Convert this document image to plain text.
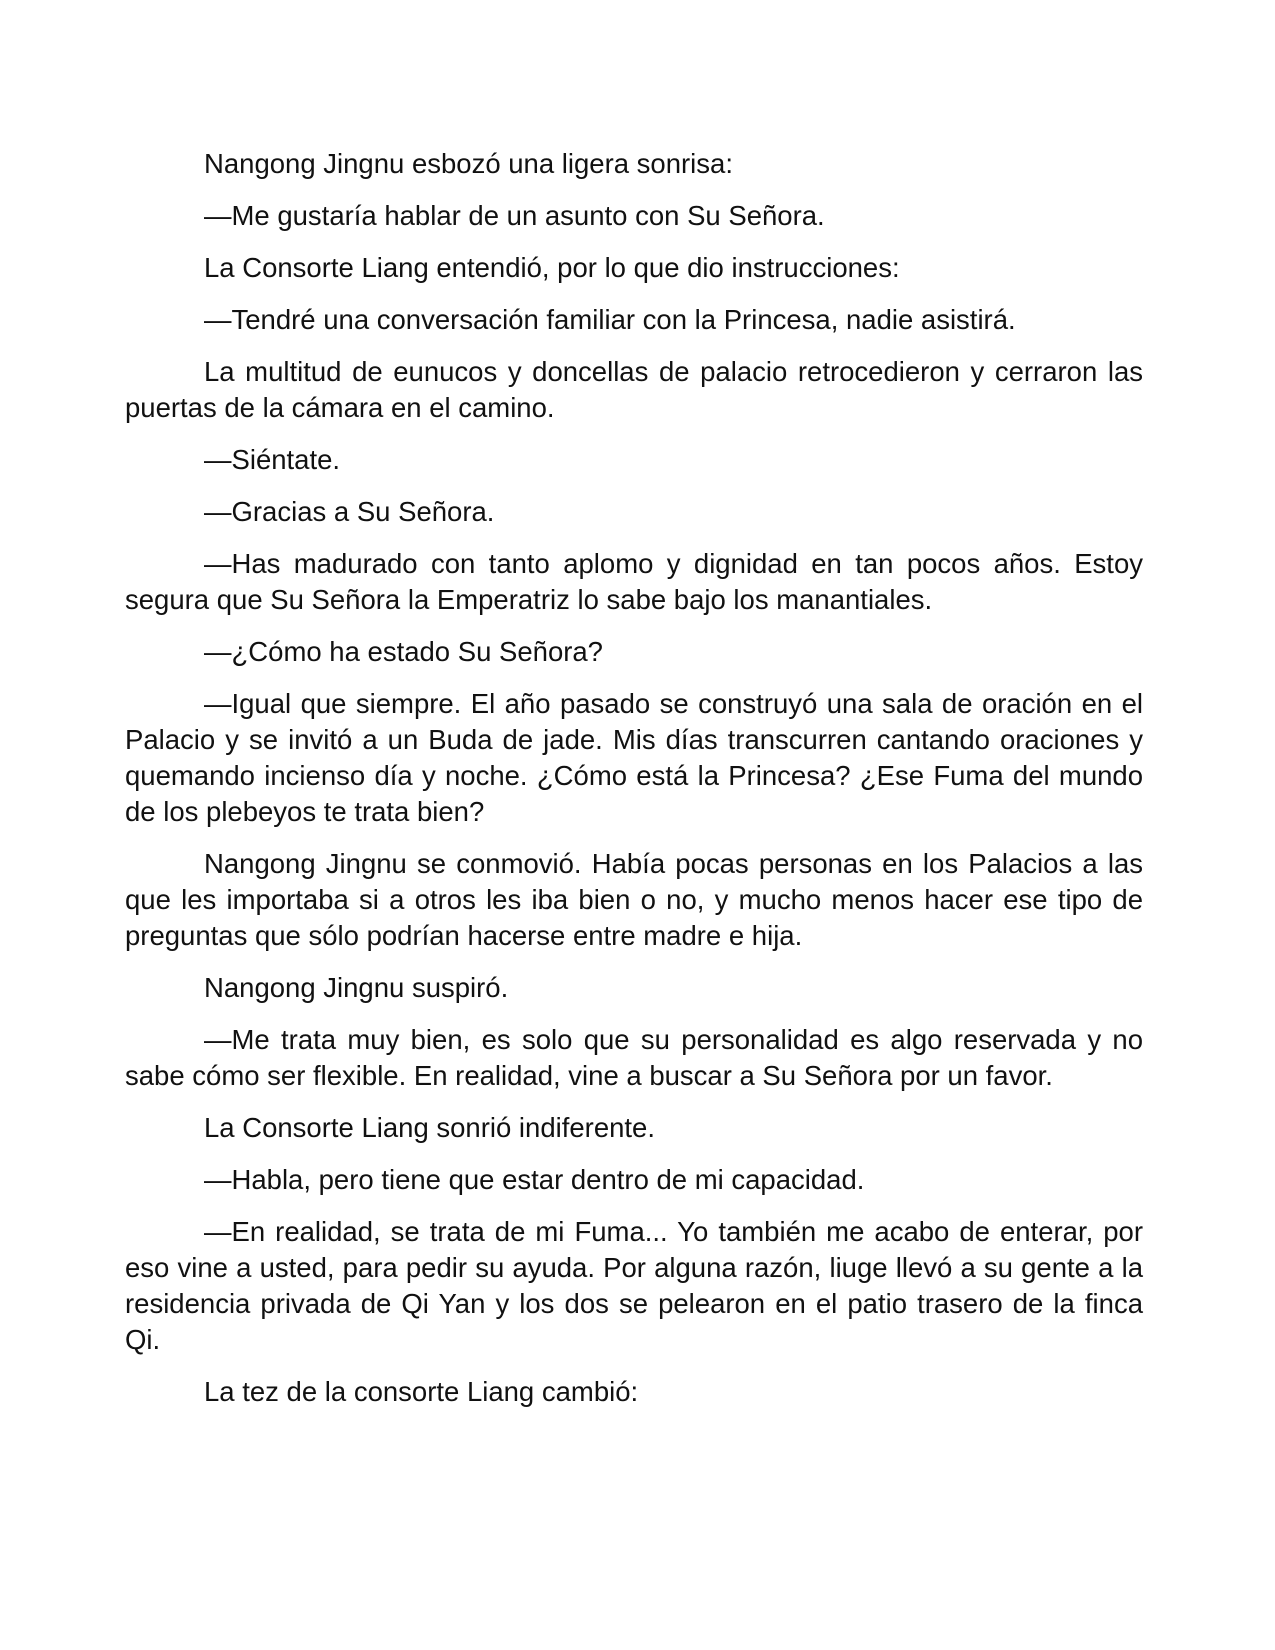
Nangong Jingnu esbozó una ligera sonrisa:

—Me gustaría hablar de un asunto con Su Señora.

La Consorte Liang entendió, por lo que dio instrucciones:

—Tendré una conversación familiar con la Princesa, nadie asistirá.

La multitud de eunucos y doncellas de palacio retrocedieron y cerraron las puertas de la cámara en el camino.

—Siéntate.

—Gracias a Su Señora.

—Has madurado con tanto aplomo y dignidad en tan pocos años. Estoy segura que Su Señora la Emperatriz lo sabe bajo los manantiales.

—¿Cómo ha estado Su Señora?

—Igual que siempre. El año pasado se construyó una sala de oración en el Palacio y se invitó a un Buda de jade. Mis días transcurren cantando oraciones y quemando incienso día y noche. ¿Cómo está la Princesa? ¿Ese Fuma del mundo de los plebeyos te trata bien?

Nangong Jingnu se conmovió. Había pocas personas en los Palacios a las que les importaba si a otros les iba bien o no, y mucho menos hacer ese tipo de preguntas que sólo podrían hacerse entre madre e hija.

Nangong Jingnu suspiró.

—Me trata muy bien, es solo que su personalidad es algo reservada y no sabe cómo ser flexible. En realidad, vine a buscar a Su Señora por un favor.

La Consorte Liang sonrió indiferente.

—Habla, pero tiene que estar dentro de mi capacidad.

—En realidad, se trata de mi Fuma... Yo también me acabo de enterar, por eso vine a usted, para pedir su ayuda. Por alguna razón, liuge llevó a su gente a la residencia privada de Qi Yan y los dos se pelearon en el patio trasero de la finca Qi.

La tez de la consorte Liang cambió:
